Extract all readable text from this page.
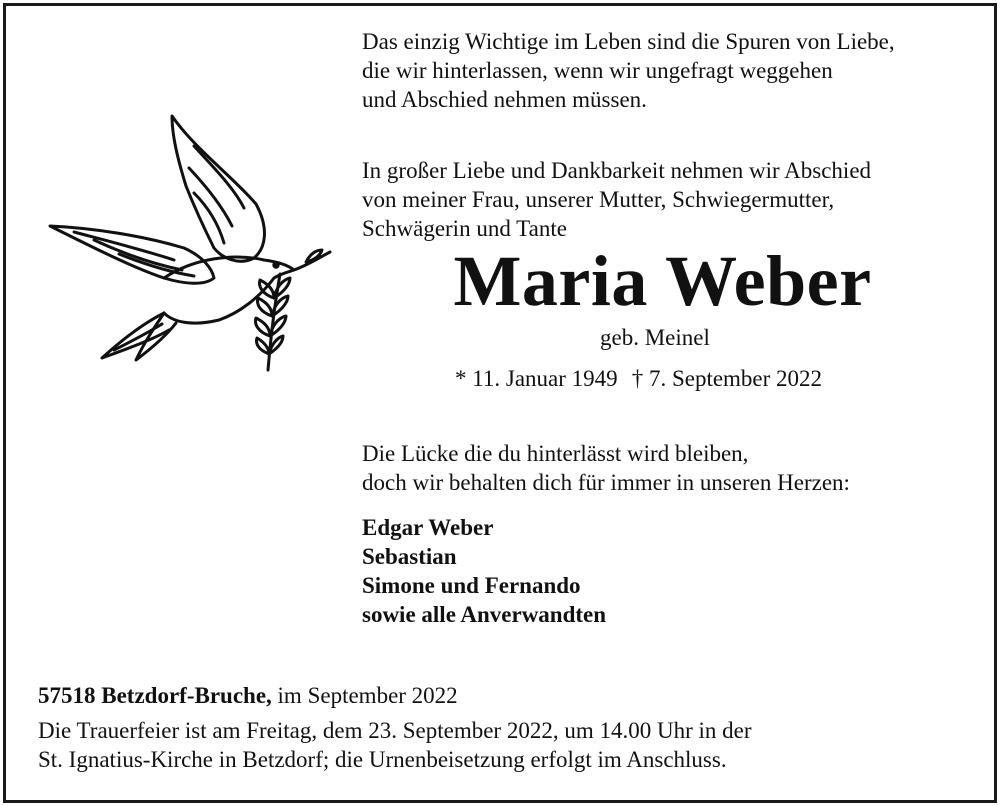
Das einzig Wichtige im Leben sind die Spuren von Liebe,
die wir hinterlassen, wenn wir ungefragt weggehen
und Abschied nehmen müssen.
In großer Liebe und Dankbarkeit nehmen wir Abschied
von meiner Frau, unserer Mutter, Schwiegermutter,
Schwägerin und Tante
Maria Weber
geb. Meinel
* 11. Januar 1949 † 7. September 2022
Die Lücke die du hinterlässt wird bleiben,
doch wir behalten dich für immer in unseren Herzen:
Edgar Weber
Sebastian
Simone und Fernando
sowie alle Anverwandten
57518 Betzdorf-Bruche, im September 2022
Die Trauerfeier ist am Freitag, dem 23. September 2022, um 14.00 Uhr in der
St. Ignatius-Kirche in Betzdorf; die Urnenbeisetzung erfolgt im Anschluss.
